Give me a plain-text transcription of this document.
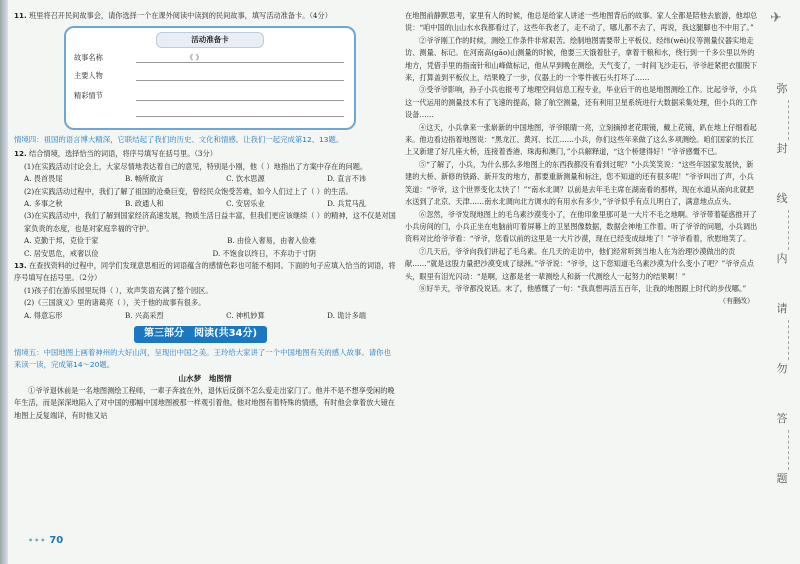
11. 班里将召开民间故事会，请你选择一个在课外阅读中读到的民间故事，填写活动准备卡。（4分）

活动准备卡
故事名称	《 》
主要人物
精彩情节
情境四：祖国的语言博大精深，它联结起了我们的历史、文化和情感。让我们一起完成第12、13题。

12. 结合情境，选择恰当的词语，将序号填写在括号里。（3分）

(1)在实践活动讨论会上，大家尽情地表达着自己的意见，特别是小刚，他（ ）地指出了方案中存在的问题。

A. 畏首畏尾	B. 畅所欲言	C. 饮水思源	D. 直言不讳

(2)在实践活动过程中，我们了解了祖国的沧桑巨变，曾经民众饱受苦难，如今人们过上了（ ）的生活。

A. 多事之秋	B. 政通人和	C. 安居乐业	D. 兵荒马乱

(3)在实践活动中，我们了解到国家经济高速发展，物质生活日益丰富，但我们更应该继续（ ）的精神，这不仅是对国家负责的态度，也是对家庭幸福的守护。

A. 克勤于邦，克俭于家	B. 由俭入奢易，由奢入俭难
C. 居安思危，戒奢以俭	D. 不饱食以终日，不弃功于寸阴

13. 在查找资料的过程中，同学们发现意思相近的词语蕴含的感情色彩也可能不相同。下面的句子应填入恰当的词语，将序号填写在括号里。（2分）

(1)孩子们在游乐园里玩得（ ），欢声笑语充满了整个园区。

(2)《三国演义》里的诸葛亮（ ），关于他的故事有很多。

A. 得意忘形	B. 兴高采烈	C. 神机妙算	D. 诡计多端
第三部分　阅读(共34分)
情境五：中国地图上画着神州的大好山河，呈现出中国之美。王玲给大家讲了一个中国地图有关的感人故事。请你也来读一读，完成第14～20题。
山水梦　地图情

①爷爷退休前是一名地图测绘工程师，一辈子奔波在外，退休后反倒不怎么爱走出家门了。他并不是不想享受闲的晚年生活，而是深深地陷入了对中国的那幅中国地图被那一样观引着他。他对地图有着特殊的情感，有时他会拿着放大镜在地图上反复端详，有时他又站

••• 70

在地图前静默思考，家里有人的时候，他总是给家人讲述一些地图背后的故事。家人全都是陪他去旅游，他却总说：“咱中国的山山水水我都看过了，这些年我老了，走不动了，哪儿都不去了，再说，我这腿脚也不中用了。”

②爷爷刚工作的时候，测绘工作条件非常艰苦。绘制地图需要带上平板仪、经纬(wěi)仪等测量仪器实地走访、测量、标记。在河南高(gāo)山测量的时候，他要三天饿着肚子，拿着干粮和水，绕行到一千多公里以外的地方，凭借手里的指南针和山峰做标记，他从早到晚在测绘，天气变了，一时间飞沙走石，爷爷赶紧把衣服脱下来，打算盖到平板仪上，结果晚了一步，仪器上的一个零件被石头打坏了……

③受爷爷影响，孙子小兵也报考了地理空间信息工程专业，毕业后干的也是地图测绘工作。比起爷爷，小兵这一代运用的测量技术有了飞速的提高，除了航空测量，还有利用卫星系统进行大数据采集处理，但小兵的工作设备……

④这天，小兵拿来一张崭新的中国地图，爷爷眼睛一亮，立刻摘掉老花眼镜，戴上花镜，趴在地上仔细看起来。他边看边指着地图说：“黑龙江、黄河、长江……小兵，你们这些年来做了这么多项测绘。咱们国家的长江上又新建了好几座大桥，连接着香港、珠海和澳门，”小兵解释道，“这个桥建得好！”爷爷感慨不已。

⑤“了解了，小兵，为什么那么多地图上的东西我都没有看到过呢？”小兵笑笑说：“这些年国家发展快，新建的大桥、新修的铁路、新开发的地方，都要重新测量和标注，您不知道的还有很多呢！”爷爷叫出了声，小兵笑道：“爷爷，这个世界变化太快了！”“南水北调？以前是去年毛主席在湖南看的那样，现在水道从南向北就把水送到了北京、天津……南水北调向北方调水的有用水有多少，”爷爷似乎有点儿明白了，满意地点点头。

⑥忽然，爷爷发现地图上的毛乌素沙漠变小了，在他印象里那可是一大片不毛之地啊。爷爷带着疑惑推开了小兵房间的门，小兵正坐在电脑前叮着屏幕上的卫星图像数据，数据会神地工作着。听了爷爷的问题，小兵调出资料对比给爷爷看：“爷爷，您看以前的这里是一大片沙漠，现在已经变成绿地了！”爷爷看着，欣慰地笑了。

⑦几天后，爷爷向我们讲起了毛乌素。在几天的走访中，他们经常听到当地人在为治理沙漠做出的贡献……“就是这股力量把沙漠变成了绿洲。”爷爷说：“爷爷，这下您知道毛乌素沙漠为什么变小了吧？”爷爷点点头，眼里有泪光闪动：“是啊，这都是老一辈测绘人和新一代测绘人一起努力的结果啊！”

⑧好半天，爷爷都没说话。末了，他感慨了一句：“我真想再活五百年，让我的地图跟上时代的步伐哪。”

（有删改）
✈
弥
封
线
内
请
勿
答
题
